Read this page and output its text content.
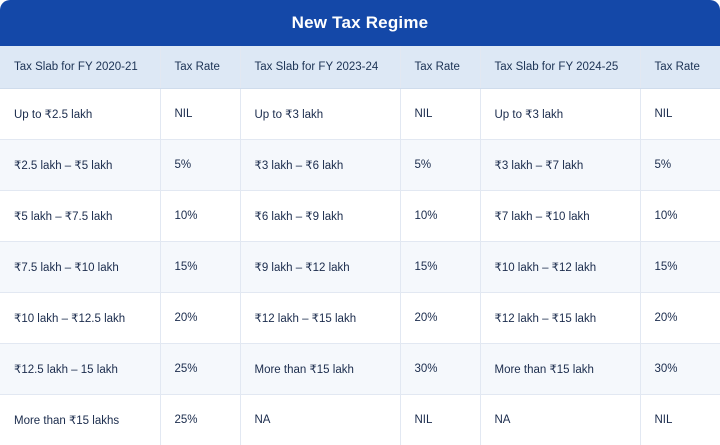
New Tax Regime
Tax Slab for FY 2020-21	Tax Rate	Tax Slab for FY 2023-24	Tax Rate	Tax Slab for FY 2024-25	Tax Rate
Up to ₹2.5 lakh	NIL	Up to ₹3 lakh	NIL	Up to ₹3 lakh	NIL
₹2.5 lakh – ₹5 lakh	5%	₹3 lakh – ₹6 lakh	5%	₹3 lakh – ₹7 lakh	5%
₹5 lakh – ₹7.5 lakh	10%	₹6 lakh – ₹9 lakh	10%	₹7 lakh – ₹10 lakh	10%
₹7.5 lakh – ₹10 lakh	15%	₹9 lakh – ₹12 lakh	15%	₹10 lakh – ₹12 lakh	15%
₹10 lakh – ₹12.5 lakh	20%	₹12 lakh – ₹15 lakh	20%	₹12 lakh – ₹15 lakh	20%
₹12.5 lakh – 15 lakh	25%	More than ₹15 lakh	30%	More than ₹15 lakh	30%
More than ₹15 lakhs	25%	NA	NIL	NA	NIL
